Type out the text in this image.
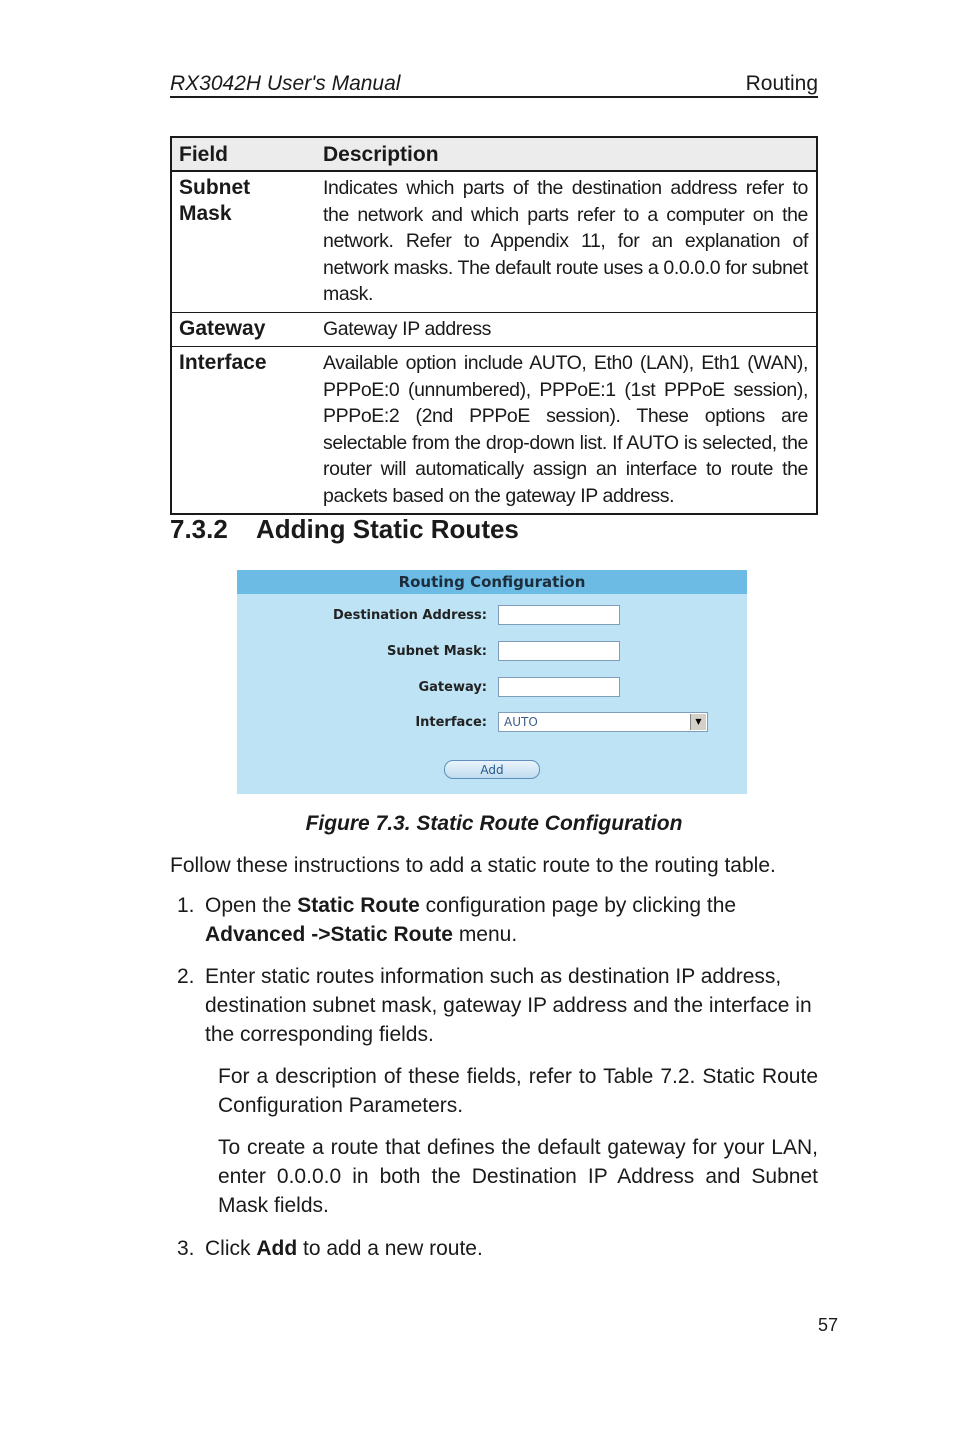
RX3042H User's Manual	Routing
Field	Description

Subnet
Mask	Indicates which parts of the destination address refer to the network and which parts refer to a computer on the network. Refer to Appendix 11, for an explanation of network masks. The default route uses a 0.0.0.0 for subnet mask.

Gateway	Gateway IP address

Interface	Available option include AUTO, Eth0 (LAN), Eth1 (WAN), PPPoE:0 (unnumbered), PPPoE:1 (1st PPPoE session), PPPoE:2 (2nd PPPoE session). These options are selectable from the drop-down list. If AUTO is selected, the router will automatically assign an interface to route the packets based on the gateway IP address.
7.3.2 Adding Static Routes
Routing Configuration
Destination Address:
Subnet Mask:
Gateway:
Interface:	AUTO	▼
Add
Figure 7.3. Static Route Configuration
Follow these instructions to add a static route to the routing table.
1. Open the Static Route configuration page by clicking the Advanced ->Static Route menu.
2. Enter static routes information such as destination IP address, destination subnet mask, gateway IP address and the interface in the corresponding fields.
For a description of these fields, refer to Table 7.2. Static Route Configuration Parameters.
To create a route that defines the default gateway for your LAN, enter 0.0.0.0 in both the Destination IP Address and Subnet Mask fields.
3. Click Add to add a new route.
57
